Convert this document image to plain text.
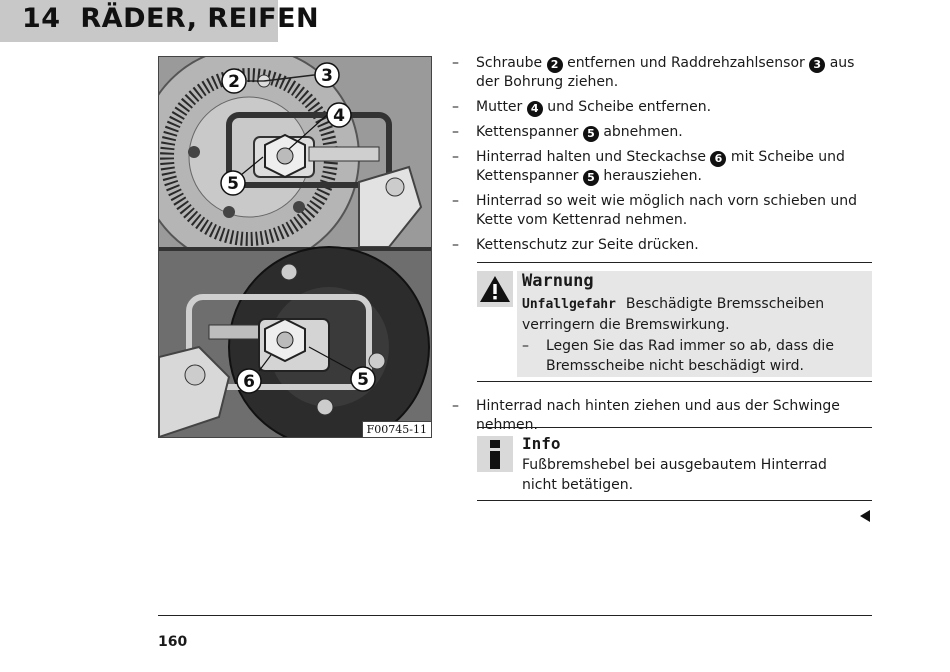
14 RÄDER, REIFEN
2	3
4
5
6	5
F00745-11
– Schraube 2 entfernen und Raddrehzahlsensor 3 aus der Bohrung ziehen.
– Mutter 4 und Scheibe entfernen.
– Kettenspanner 5 abnehmen.
– Hinterrad halten und Steckachse 6 mit Scheibe und Kettenspanner 5 herausziehen.
– Hinterrad so weit wie möglich nach vorn schieben und Kette vom Kettenrad nehmen.
– Kettenschutz zur Seite drücken.
Warnung
Unfallgefahr Beschädigte Bremsscheiben verringern die Bremswirkung.
– Legen Sie das Rad immer so ab, dass die Bremsscheibe nicht beschädigt wird.
– Hinterrad nach hinten ziehen und aus der Schwinge nehmen.
Info
Fußbremshebel bei ausgebautem Hinterrad nicht betätigen.
160
